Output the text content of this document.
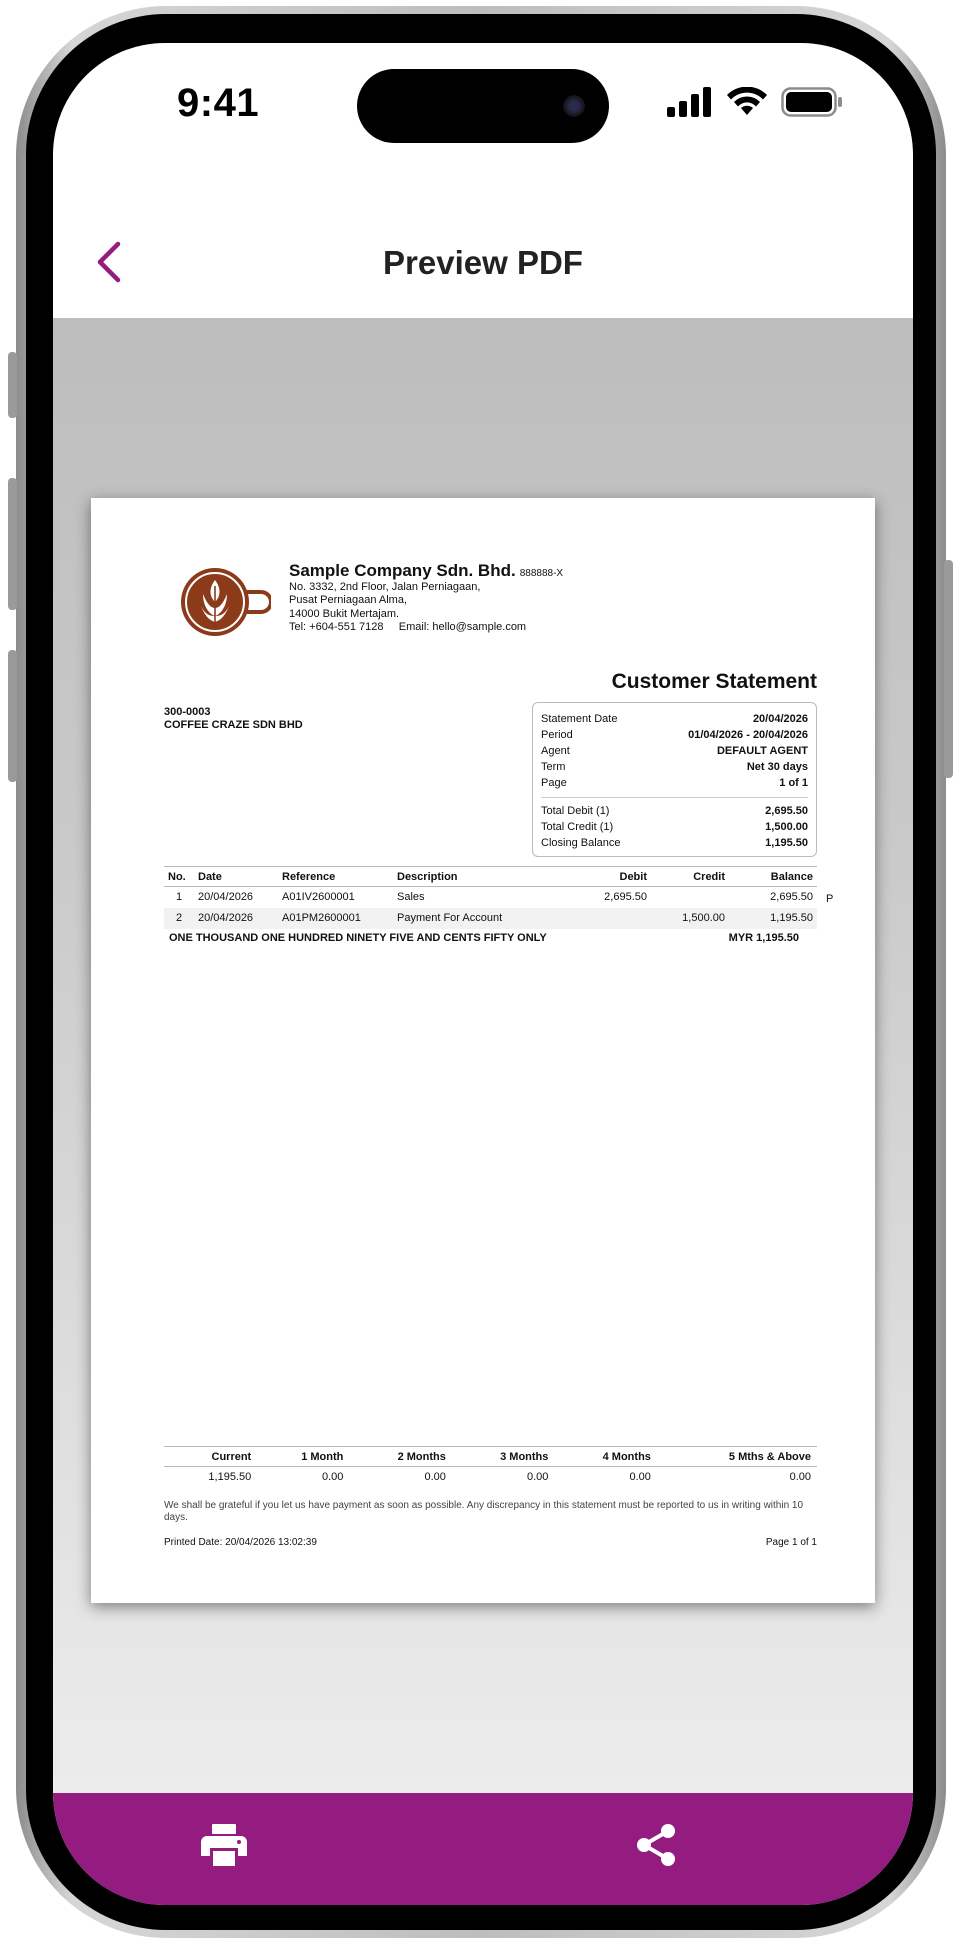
9:41
Preview PDF
Sample Company Sdn. Bhd. 888888-X
No. 3332, 2nd Floor, Jalan Perniagaan,
Pusat Perniagaan Alma,
14000 Bukit Mertajam.
Tel: +604-551 7128     Email: hello@sample.com
Customer Statement
300-0003
COFFEE CRAZE SDN BHD	Statement Date	20/04/2026
Period	01/04/2026 - 20/04/2026
Agent	DEFAULT AGENT
Term	Net 30 days
Page	1 of 1
Total Debit (1)	2,695.50
Total Credit (1)	1,500.00
Closing Balance	1,195.50
No.	Date	Reference	Description	Debit	Credit	Balance
1	20/04/2026	A01IV2600001	Sales	2,695.50		2,695.50
2	20/04/2026	A01PM2600001	Payment For Account		1,500.00	1,195.50
P
ONE THOUSAND ONE HUNDRED NINETY FIVE AND CENTS FIFTY ONLY	MYR 1,195.50
Current	1 Month	2 Months	3 Months	4 Months	5 Mths & Above
1,195.50	0.00	0.00	0.00	0.00	0.00
We shall be grateful if you let us have payment as soon as possible. Any discrepancy in this statement must be reported to us in writing within 10 days.
Printed Date: 20/04/2026 13:02:39	Page 1 of 1
